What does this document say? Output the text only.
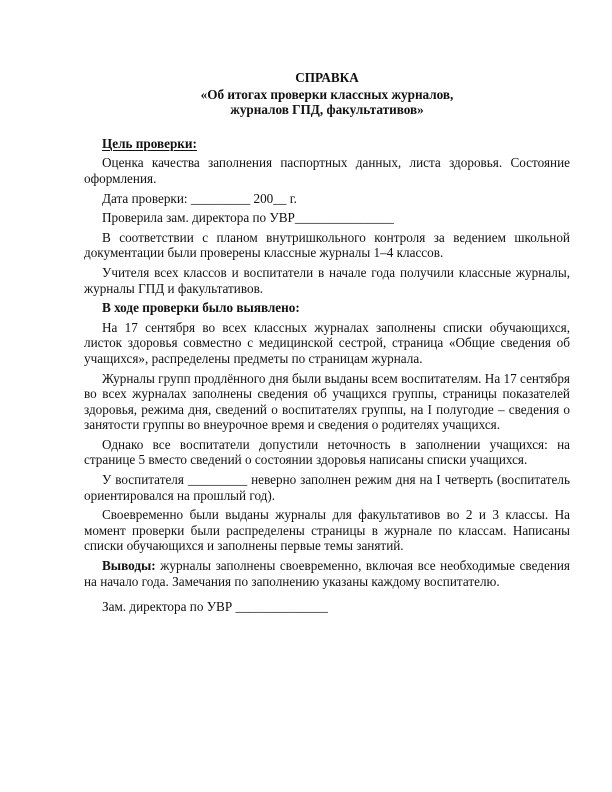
СПРАВКА
«Об итогах проверки классных журналов,
журналов ГПД, факультативов»
Цель проверки:

Оценка качества заполнения паспортных данных, листа здоровья. Состояние оформления.

Дата проверки: _________ 200__ г.

Проверила зам. директора по УВР_______________

В соответствии с планом внутришкольного контроля за ведением школьной документации были проверены классные журналы 1–4 классов.

Учителя всех классов и воспитатели в начале года получили классные журналы, журналы ГПД и факультативов.

В ходе проверки было выявлено:

На 17 сентября во всех классных журналах заполнены списки обучающихся, листок здоровья совместно с медицинской сестрой, страница «Общие сведения об учащихся», распределены предметы по страницам журнала.

Журналы групп продлённого дня были выданы всем воспитателям. На 17 сентября во всех журналах заполнены сведения об учащихся группы, страницы показателей здоровья, режима дня, сведений о воспитателях группы, на I полугодие – сведения о занятости группы во внеурочное время и сведения о родителях учащихся.

Однако все воспитатели допустили неточность в заполнении учащихся: на странице 5 вместо сведений о состоянии здоровья написаны списки учащихся.

У воспитателя _________ неверно заполнен режим дня на I четверть (воспитатель ориентировался на прошлый год).

Своевременно были выданы журналы для факультативов во 2 и 3 классы. На момент проверки были распределены страницы в журнале по классам. Написаны списки обучающихся и заполнены первые темы занятий.

Выводы: журналы заполнены своевременно, включая все необходимые сведения на начало года. Замечания по заполнению указаны каждому воспитателю.

Зам. директора по УВР ______________
